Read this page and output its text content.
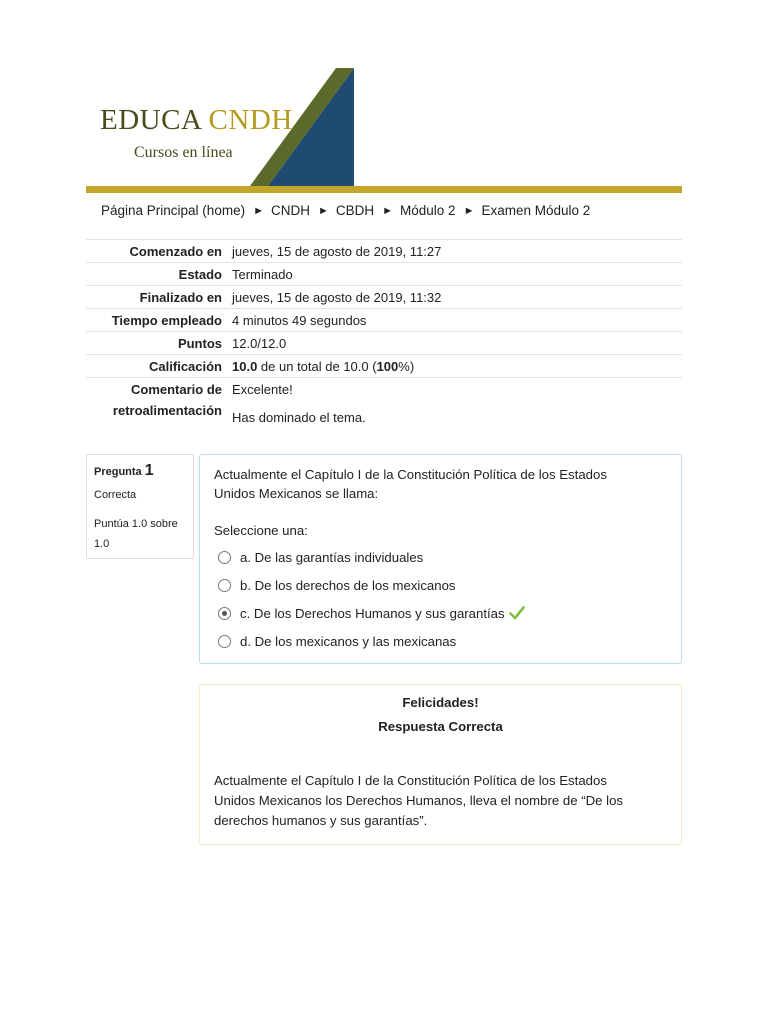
EDUCA CNDH
Cursos en línea
Página Principal (home) ► CNDH ► CBDH ► Módulo 2 ► Examen Módulo 2
Comenzado en jueves, 15 de agosto de 2019, 11:27
Estado Terminado
Finalizado en jueves, 15 de agosto de 2019, 11:32
Tiempo empleado 4 minutos 49 segundos
Puntos 12.0/12.0
Calificación 10.0 de un total de 10.0 (100%)
Comentario de
retroalimentación
Excelente!
Has dominado el tema.
Pregunta 1
Correcta
Puntúa 1.0 sobre
1.0
Actualmente el Capítulo I de la Constitución Política de los Estados
Unidos Mexicanos se llama:
Seleccione una:
a. De las garantías individuales
b. De los derechos de los mexicanos
c. De los Derechos Humanos y sus garantías
d. De los mexicanos y las mexicanas
Felicidades!
Respuesta Correcta
Actualmente el Capítulo I de la Constitución Política de los Estados
Unidos Mexicanos los Derechos Humanos, lleva el nombre de “De los
derechos humanos y sus garantías”.
